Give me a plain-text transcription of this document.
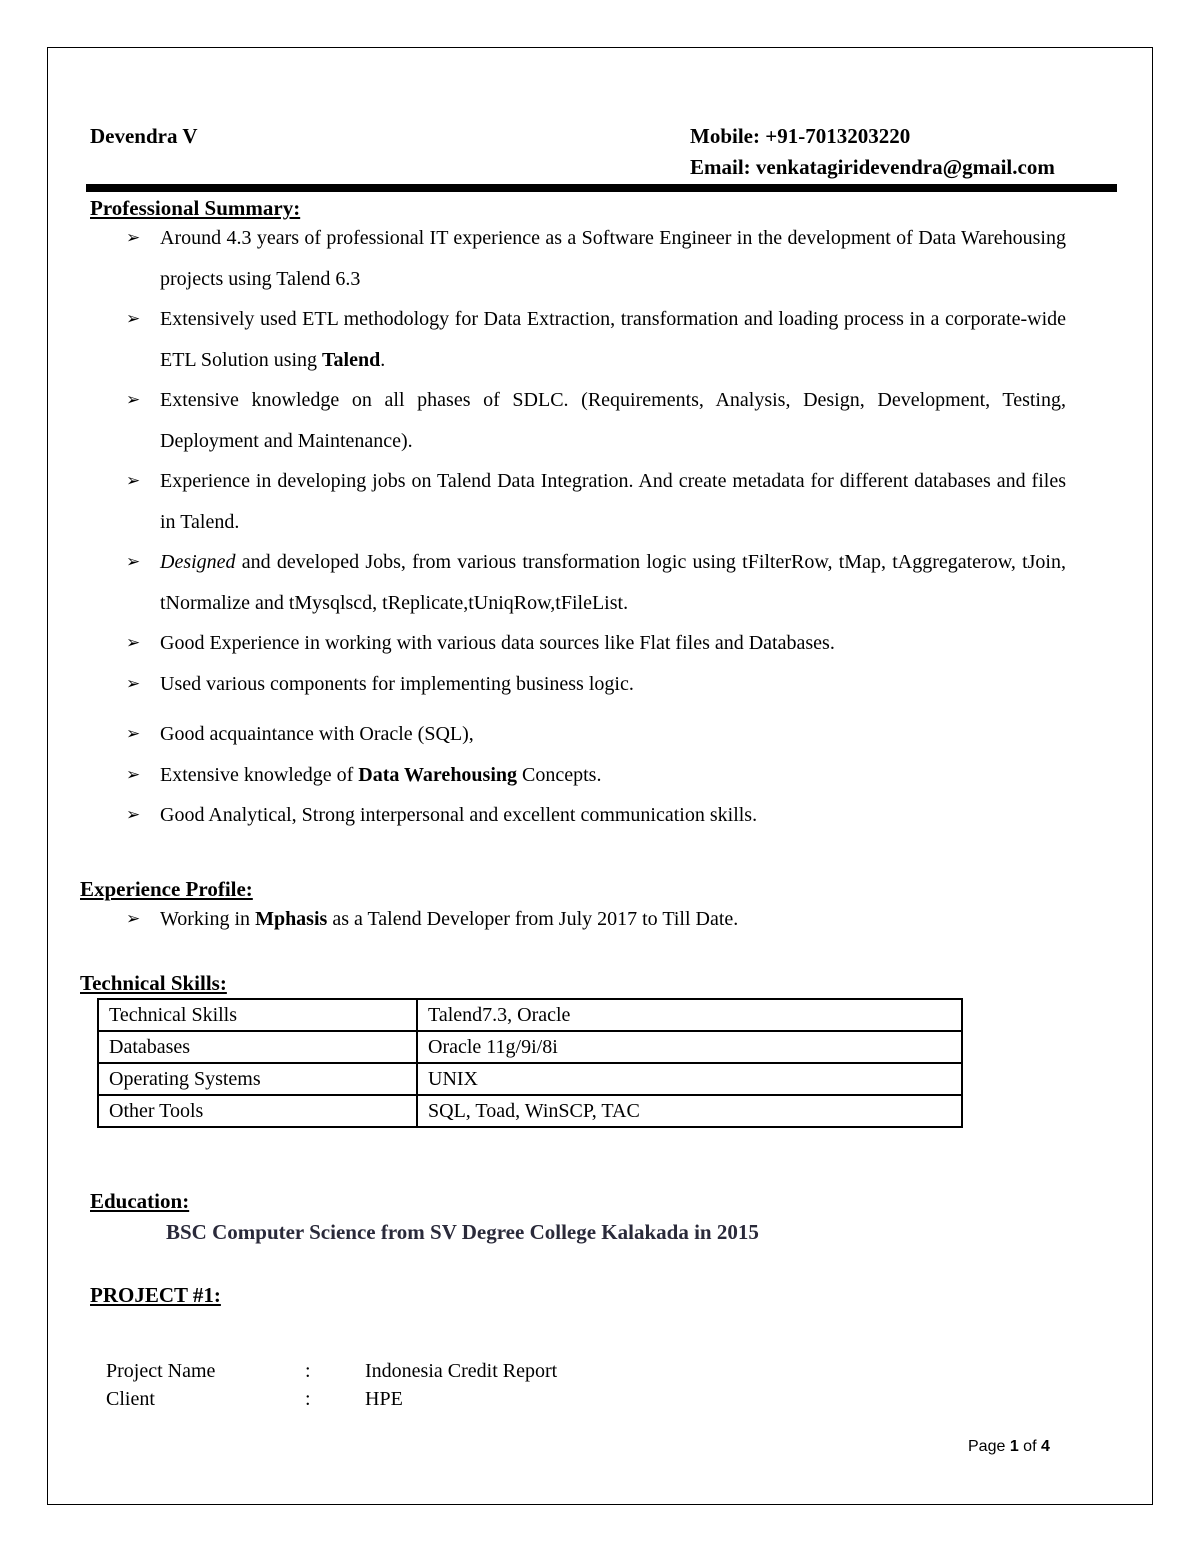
Devendra V	Mobile: +91-7013203220
Email: venkatagiridevendra@gmail.com
Professional Summary:
➢ Around 4.3 years of professional IT experience as a Software Engineer in the development of Data Warehousing projects using Talend 6.3
➢ Extensively used ETL methodology for Data Extraction, transformation and loading process in a corporate-wide ETL Solution using Talend.
➢ Extensive knowledge on all phases of SDLC. (Requirements, Analysis, Design, Development, Testing, Deployment and Maintenance).
➢ Experience in developing jobs on Talend Data Integration. And create metadata for different databases and files in Talend.
➢ Designed and developed Jobs, from various transformation logic using tFilterRow, tMap, tAggregaterow, tJoin, tNormalize and tMysqlscd, tReplicate,tUniqRow,tFileList.
➢ Good Experience in working with various data sources like Flat files and Databases.
➢ Used various components for implementing business logic.
➢ Good acquaintance with Oracle (SQL),
➢ Extensive knowledge of Data Warehousing Concepts.
➢ Good Analytical, Strong interpersonal and excellent communication skills.
Experience Profile:
➢ Working in Mphasis as a Talend Developer from July 2017 to Till Date.
Technical Skills:
Technical Skills	Talend7.3, Oracle
Databases	Oracle 11g/9i/8i
Operating Systems	UNIX
Other Tools	SQL, Toad, WinSCP, TAC
Education:
BSC Computer Science from SV Degree College Kalakada in 2015
PROJECT #1:
Project Name	:	Indonesia Credit Report
Client	:	HPE
Page 1 of 4
